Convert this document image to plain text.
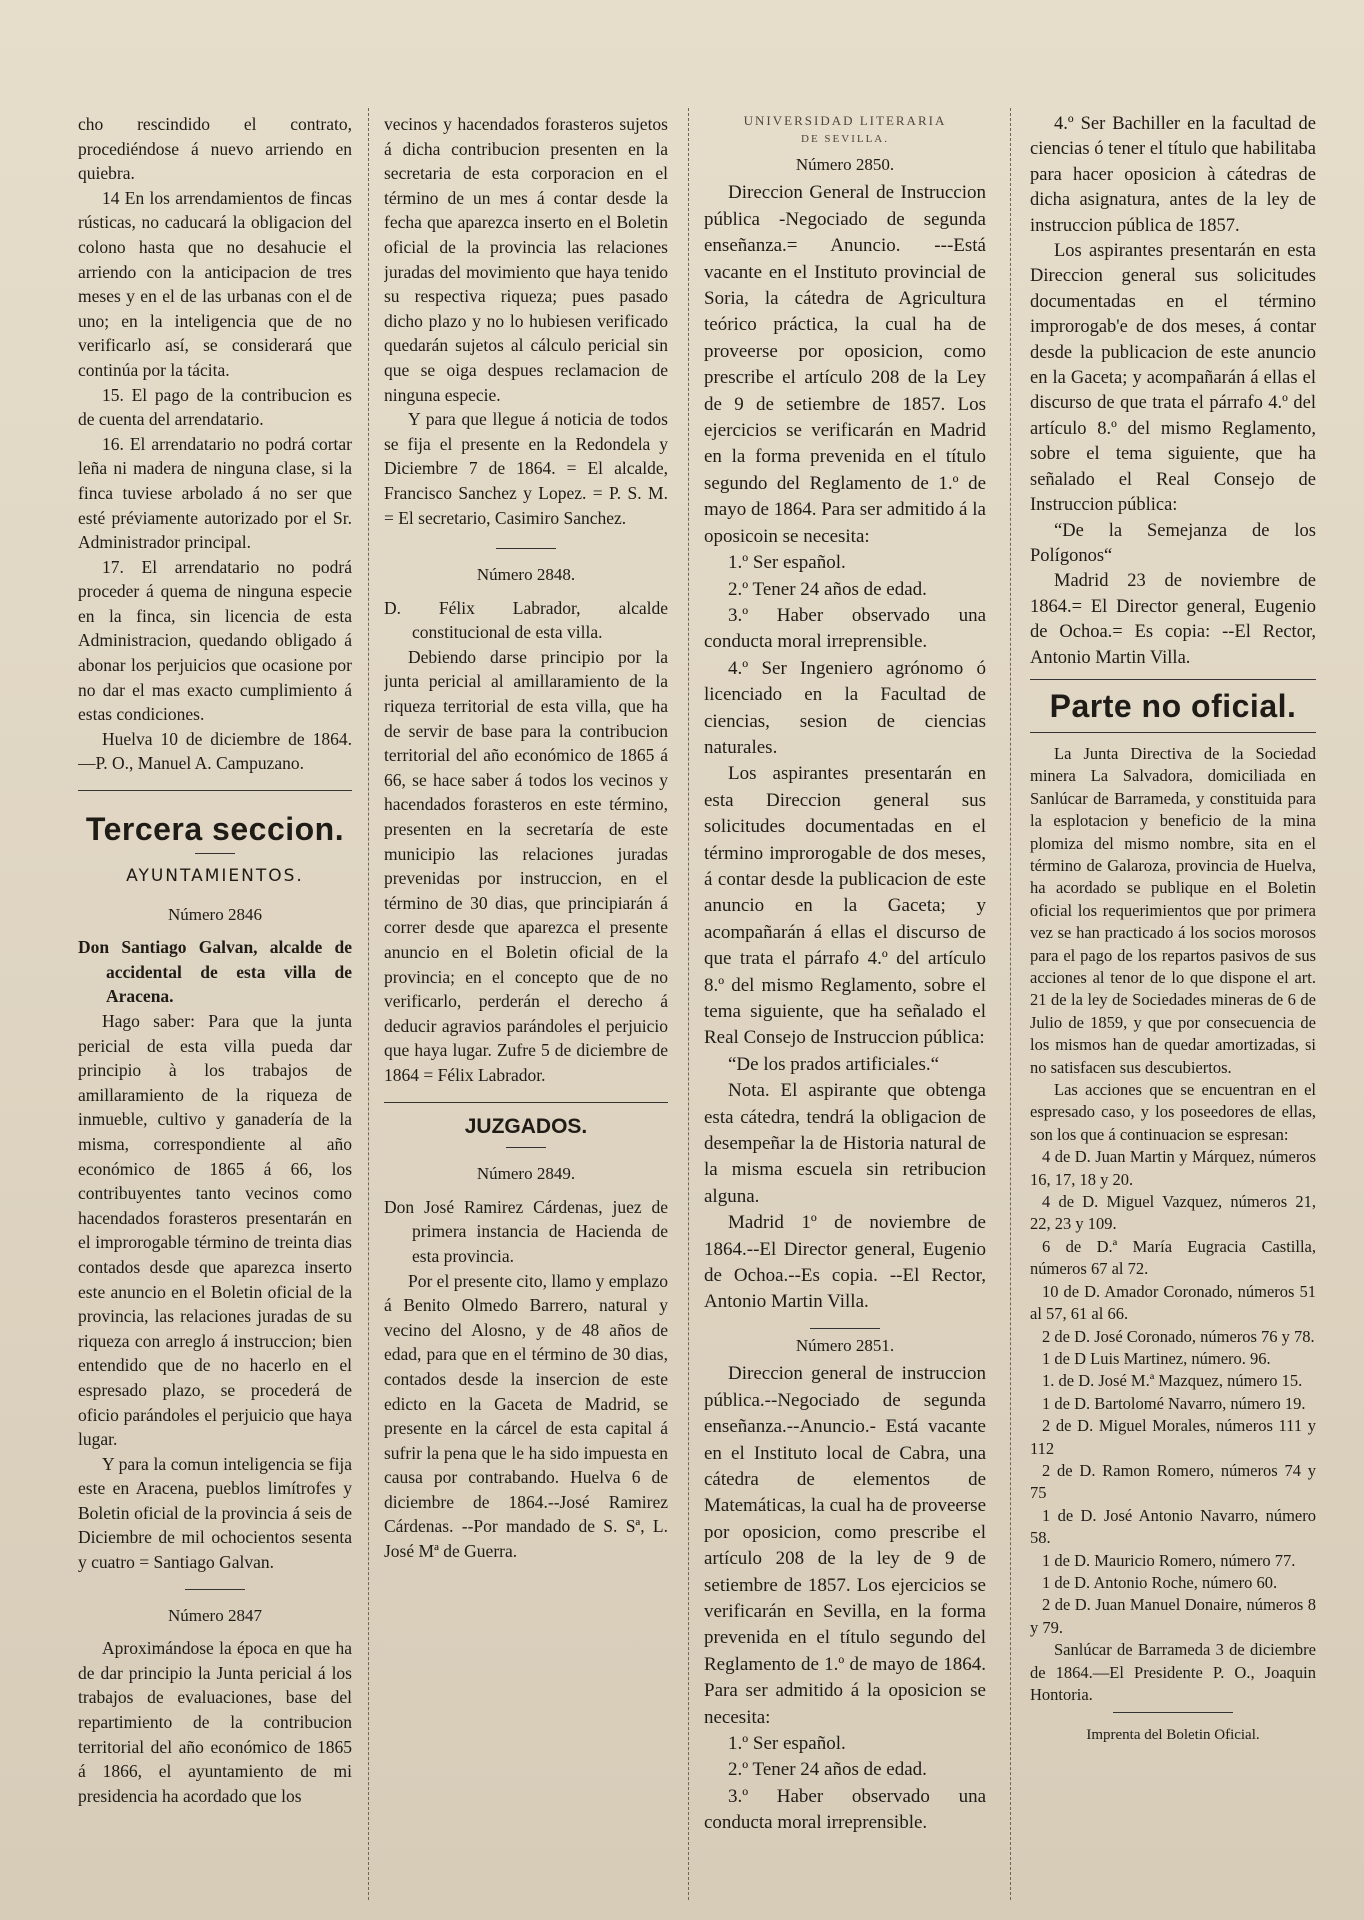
cho rescindido el contrato, procediéndose á nuevo arriendo en quiebra.

14 En los arrendamientos de fincas rústicas, no caducará la obligacion del colono hasta que no desahucie el arriendo con la anticipacion de tres meses y en el de las urbanas con el de uno; en la inteligencia que de no verificarlo así, se considerará que continúa por la tácita.

15. El pago de la contribucion es de cuenta del arrendatario.

16. El arrendatario no podrá cortar leña ni madera de ninguna clase, si la finca tuviese arbolado á no ser que esté préviamente autorizado por el Sr. Administrador principal.

17. El arrendatario no podrá proceder á quema de ninguna especie en la finca, sin licencia de esta Administracion, quedando obligado á abonar los perjuicios que ocasione por no dar el mas exacto cumplimiento á estas condiciones.

Huelva 10 de diciembre de 1864. —P. O., Manuel A. Campuzano.

Tercera seccion.
AYUNTAMIENTOS.
Número 2846

Don Santiago Galvan, alcalde de accidental de esta villa de Aracena.

Hago saber: Para que la junta pericial de esta villa pueda dar principio à los trabajos de amillaramiento de la riqueza de inmueble, cultivo y ganadería de la misma, correspondiente al año económico de 1865 á 66, los contribuyentes tanto vecinos como hacendados forasteros presentarán en el improrogable término de treinta dias contados desde que aparezca inserto este anuncio en el Boletin oficial de la provincia, las relaciones juradas de su riqueza con arreglo á instruccion; bien entendido que de no hacerlo en el espresado plazo, se procederá de oficio parándoles el perjuicio que haya lugar.

Y para la comun inteligencia se fija este en Aracena, pueblos limítrofes y Boletin oficial de la provincia á seis de Diciembre de mil ochocientos sesenta y cuatro = Santiago Galvan.

Número 2847

Aproximándose la época en que ha de dar principio la Junta pericial á los trabajos de evaluaciones, base del repartimiento de la contribucion territorial del año económico de 1865 á 1866, el ayuntamiento de mi presidencia ha acordado que los

vecinos y hacendados forasteros sujetos á dicha contribucion presenten en la secretaria de esta corporacion en el término de un mes á contar desde la fecha que aparezca inserto en el Boletin oficial de la provincia las relaciones juradas del movimiento que haya tenido su respectiva riqueza; pues pasado dicho plazo y no lo hubiesen verificado quedarán sujetos al cálculo pericial sin que se oiga despues reclamacion de ninguna especie.

Y para que llegue á noticia de todos se fija el presente en la Redondela y Diciembre 7 de 1864. = El alcalde, Francisco Sanchez y Lopez. = P. S. M. = El secretario, Casimiro Sanchez.

Número 2848.

D. Félix Labrador, alcalde constitucional de esta villa.

Debiendo darse principio por la junta pericial al amillaramiento de la riqueza territorial de esta villa, que ha de servir de base para la contribucion territorial del año económico de 1865 á 66, se hace saber á todos los vecinos y hacendados forasteros en este término, presenten en la secretaría de este municipio las relaciones juradas prevenidas por instruccion, en el término de 30 dias, que principiarán á correr desde que aparezca el presente anuncio en el Boletin oficial de la provincia; en el concepto que de no verificarlo, perderán el derecho á deducir agravios parándoles el perjuicio que haya lugar. Zufre 5 de diciembre de 1864 = Félix Labrador.

JUZGADOS.
Número 2849.

Don José Ramirez Cárdenas, juez de primera instancia de Hacienda de esta provincia.

Por el presente cito, llamo y emplazo á Benito Olmedo Barrero, natural y vecino del Alosno, y de 48 años de edad, para que en el término de 30 dias, contados desde la insercion de este edicto en la Gaceta de Madrid, se presente en la cárcel de esta capital á sufrir la pena que le ha sido impuesta en causa por contrabando. Huelva 6 de diciembre de 1864.--José Ramirez Cárdenas. --Por mandado de S. Sª, L. José Mª de Guerra.

UNIVERSIDAD LITERARIA
DE SEVILLA.
Número 2850.

Direccion General de Instruccion pública -Negociado de segunda enseñanza.= Anuncio. ---Está vacante en el Instituto provincial de Soria, la cátedra de Agricultura teórico práctica, la cual ha de proveerse por oposicion, como prescribe el artículo 208 de la Ley de 9 de setiembre de 1857. Los ejercicios se verificarán en Madrid en la forma prevenida en el título segundo del Reglamento de 1.º de mayo de 1864. Para ser admitido á la oposicoin se necesita:

1.º Ser español.

2.º Tener 24 años de edad.

3.º Haber observado una conducta moral irreprensible.

4.º Ser Ingeniero agrónomo ó licenciado en la Facultad de ciencias, sesion de ciencias naturales.

Los aspirantes presentarán en esta Direccion general sus solicitudes documentadas en el término improrogable de dos meses, á contar desde la publicacion de este anuncio en la Gaceta; y acompañarán á ellas el discurso de que trata el párrafo 4.º del artículo 8.º del mismo Reglamento, sobre el tema siguiente, que ha señalado el Real Consejo de Instruccion pública:

“De los prados artificiales.“

Nota. El aspirante que obtenga esta cátedra, tendrá la obligacion de desempeñar la de Historia natural de la misma escuela sin retribucion alguna.

Madrid 1º de noviembre de 1864.--El Director general, Eugenio de Ochoa.--Es copia. --El Rector, Antonio Martin Villa.

Número 2851.

Direccion general de instruccion pública.--Negociado de segunda enseñanza.--Anuncio.- Está vacante en el Instituto local de Cabra, una cátedra de elementos de Matemáticas, la cual ha de proveerse por oposicion, como prescribe el artículo 208 de la ley de 9 de setiembre de 1857. Los ejercicios se verificarán en Sevilla, en la forma prevenida en el título segundo del Reglamento de 1.º de mayo de 1864. Para ser admitido á la oposicion se necesita:

1.º Ser español.

2.º Tener 24 años de edad.

3.º Haber observado una conducta moral irreprensible.

4.º Ser Bachiller en la facultad de ciencias ó tener el título que habilitaba para hacer oposicion à cátedras de dicha asignatura, antes de la ley de instruccion pública de 1857.

Los aspirantes presentarán en esta Direccion general sus solicitudes documentadas en el término improrogab'e de dos meses, á contar desde la publicacion de este anuncio en la Gaceta; y acompañarán á ellas el discurso de que trata el párrafo 4.º del artículo 8.º del mismo Reglamento, sobre el tema siguiente, que ha señalado el Real Consejo de Instruccion pública:

“De la Semejanza de los Polígonos“

Madrid 23 de noviembre de 1864.= El Director general, Eugenio de Ochoa.= Es copia: --El Rector, Antonio Martin Villa.

Parte no oficial.

La Junta Directiva de la Sociedad minera La Salvadora, domiciliada en Sanlúcar de Barrameda, y constituida para la esplotacion y beneficio de la mina plomiza del mismo nombre, sita en el término de Galaroza, provincia de Huelva, ha acordado se publique en el Boletin oficial los requerimientos que por primera vez se han practicado á los socios morosos para el pago de los repartos pasivos de sus acciones al tenor de lo que dispone el art. 21 de la ley de Sociedades mineras de 6 de Julio de 1859, y que por consecuencia de los mismos han de quedar amortizadas, si no satisfacen sus descubiertos.

Las acciones que se encuentran en el espresado caso, y los poseedores de ellas, son los que á continuacion se espresan:

4 de D. Juan Martin y Márquez, números 16, 17, 18 y 20.

4 de D. Miguel Vazquez, números 21, 22, 23 y 109.

6 de D.ª María Eugracia Castilla, números 67 al 72.

10 de D. Amador Coronado, números 51 al 57, 61 al 66.

2 de D. José Coronado, números 76 y 78.

1 de D Luis Martinez, número. 96.

1. de D. José M.ª Mazquez, número 15.

1 de D. Bartolomé Navarro, número 19.

2 de D. Miguel Morales, números 111 y 112

2 de D. Ramon Romero, números 74 y 75

1 de D. José Antonio Navarro, número 58.

1 de D. Mauricio Romero, número 77.

1 de D. Antonio Roche, número 60.

2 de D. Juan Manuel Donaire, números 8 y 79.

Sanlúcar de Barrameda 3 de diciembre de 1864.—El Presidente P. O., Joaquin Hontoria.

Imprenta del Boletin Oficial.
